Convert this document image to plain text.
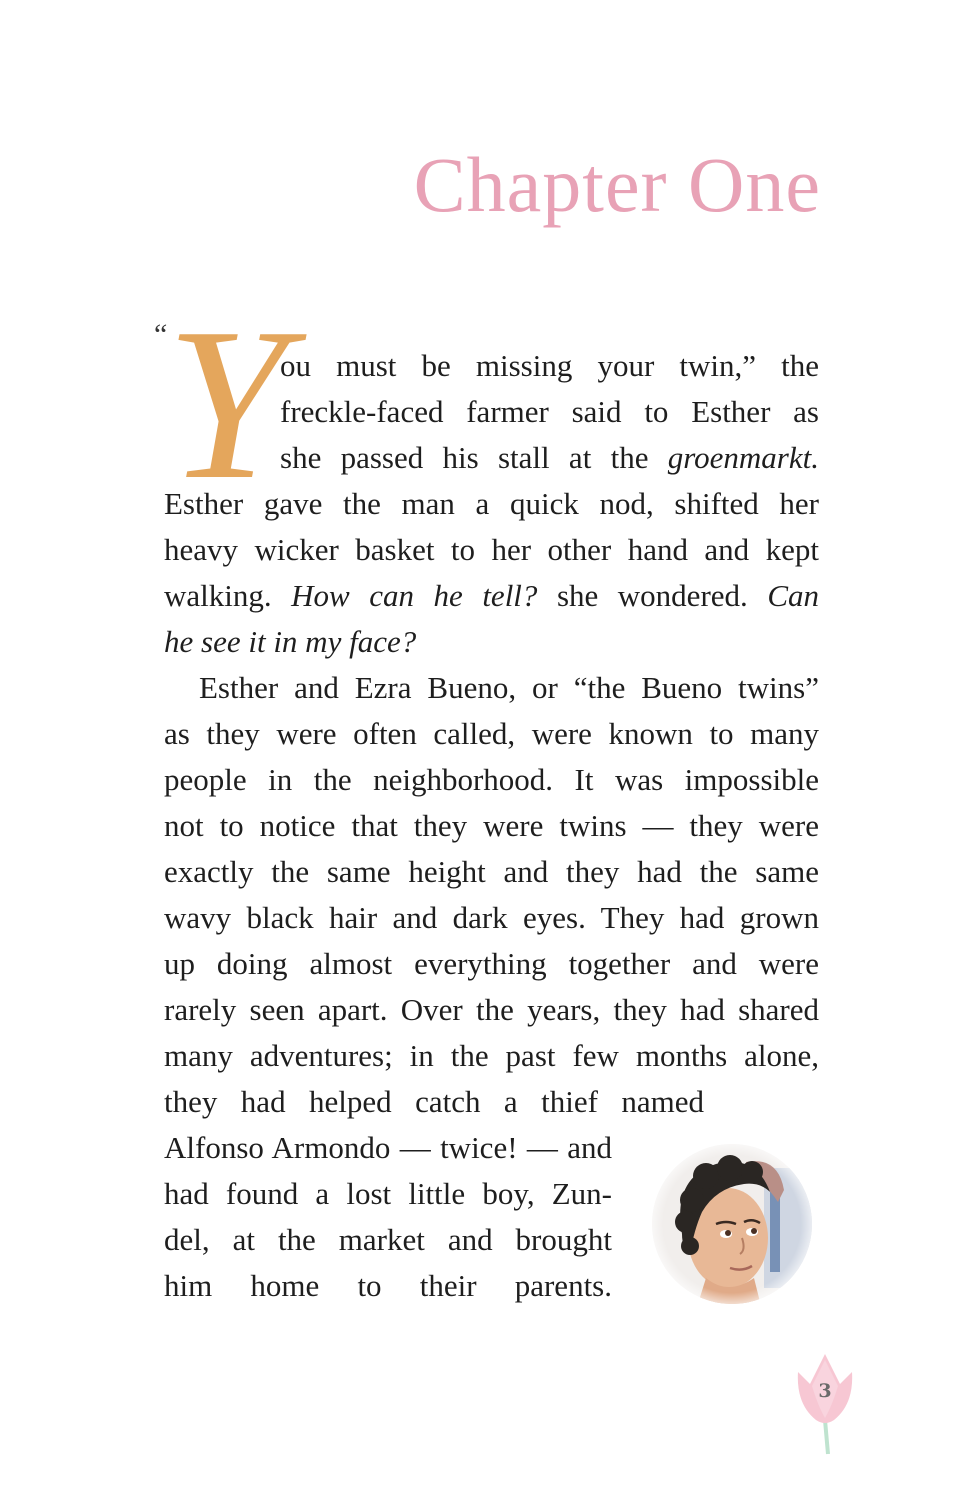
Chapter One
“
Y
ou must be missing your twin,” the
freckle-faced farmer said to Esther as
she passed his stall at the groenmarkt.
Esther gave the man a quick nod, shifted her
heavy wicker basket to her other hand and kept
walking. How can he tell? she wondered. Can
he see it in my face?
Esther and Ezra Bueno, or “the Bueno twins”
as they were often called, were known to many
people in the neighborhood. It was impossible
not to notice that they were twins — they were
exactly the same height and they had the same
wavy black hair and dark eyes. They had grown
up doing almost everything together and were
rarely seen apart. Over the years, they had shared
many adventures; in the past few months alone,
they had helped catch a thief named
Alfonso Armondo — twice! — and
had found a lost little boy, Zun-
del, at the market and brought
him home to their parents.
3
